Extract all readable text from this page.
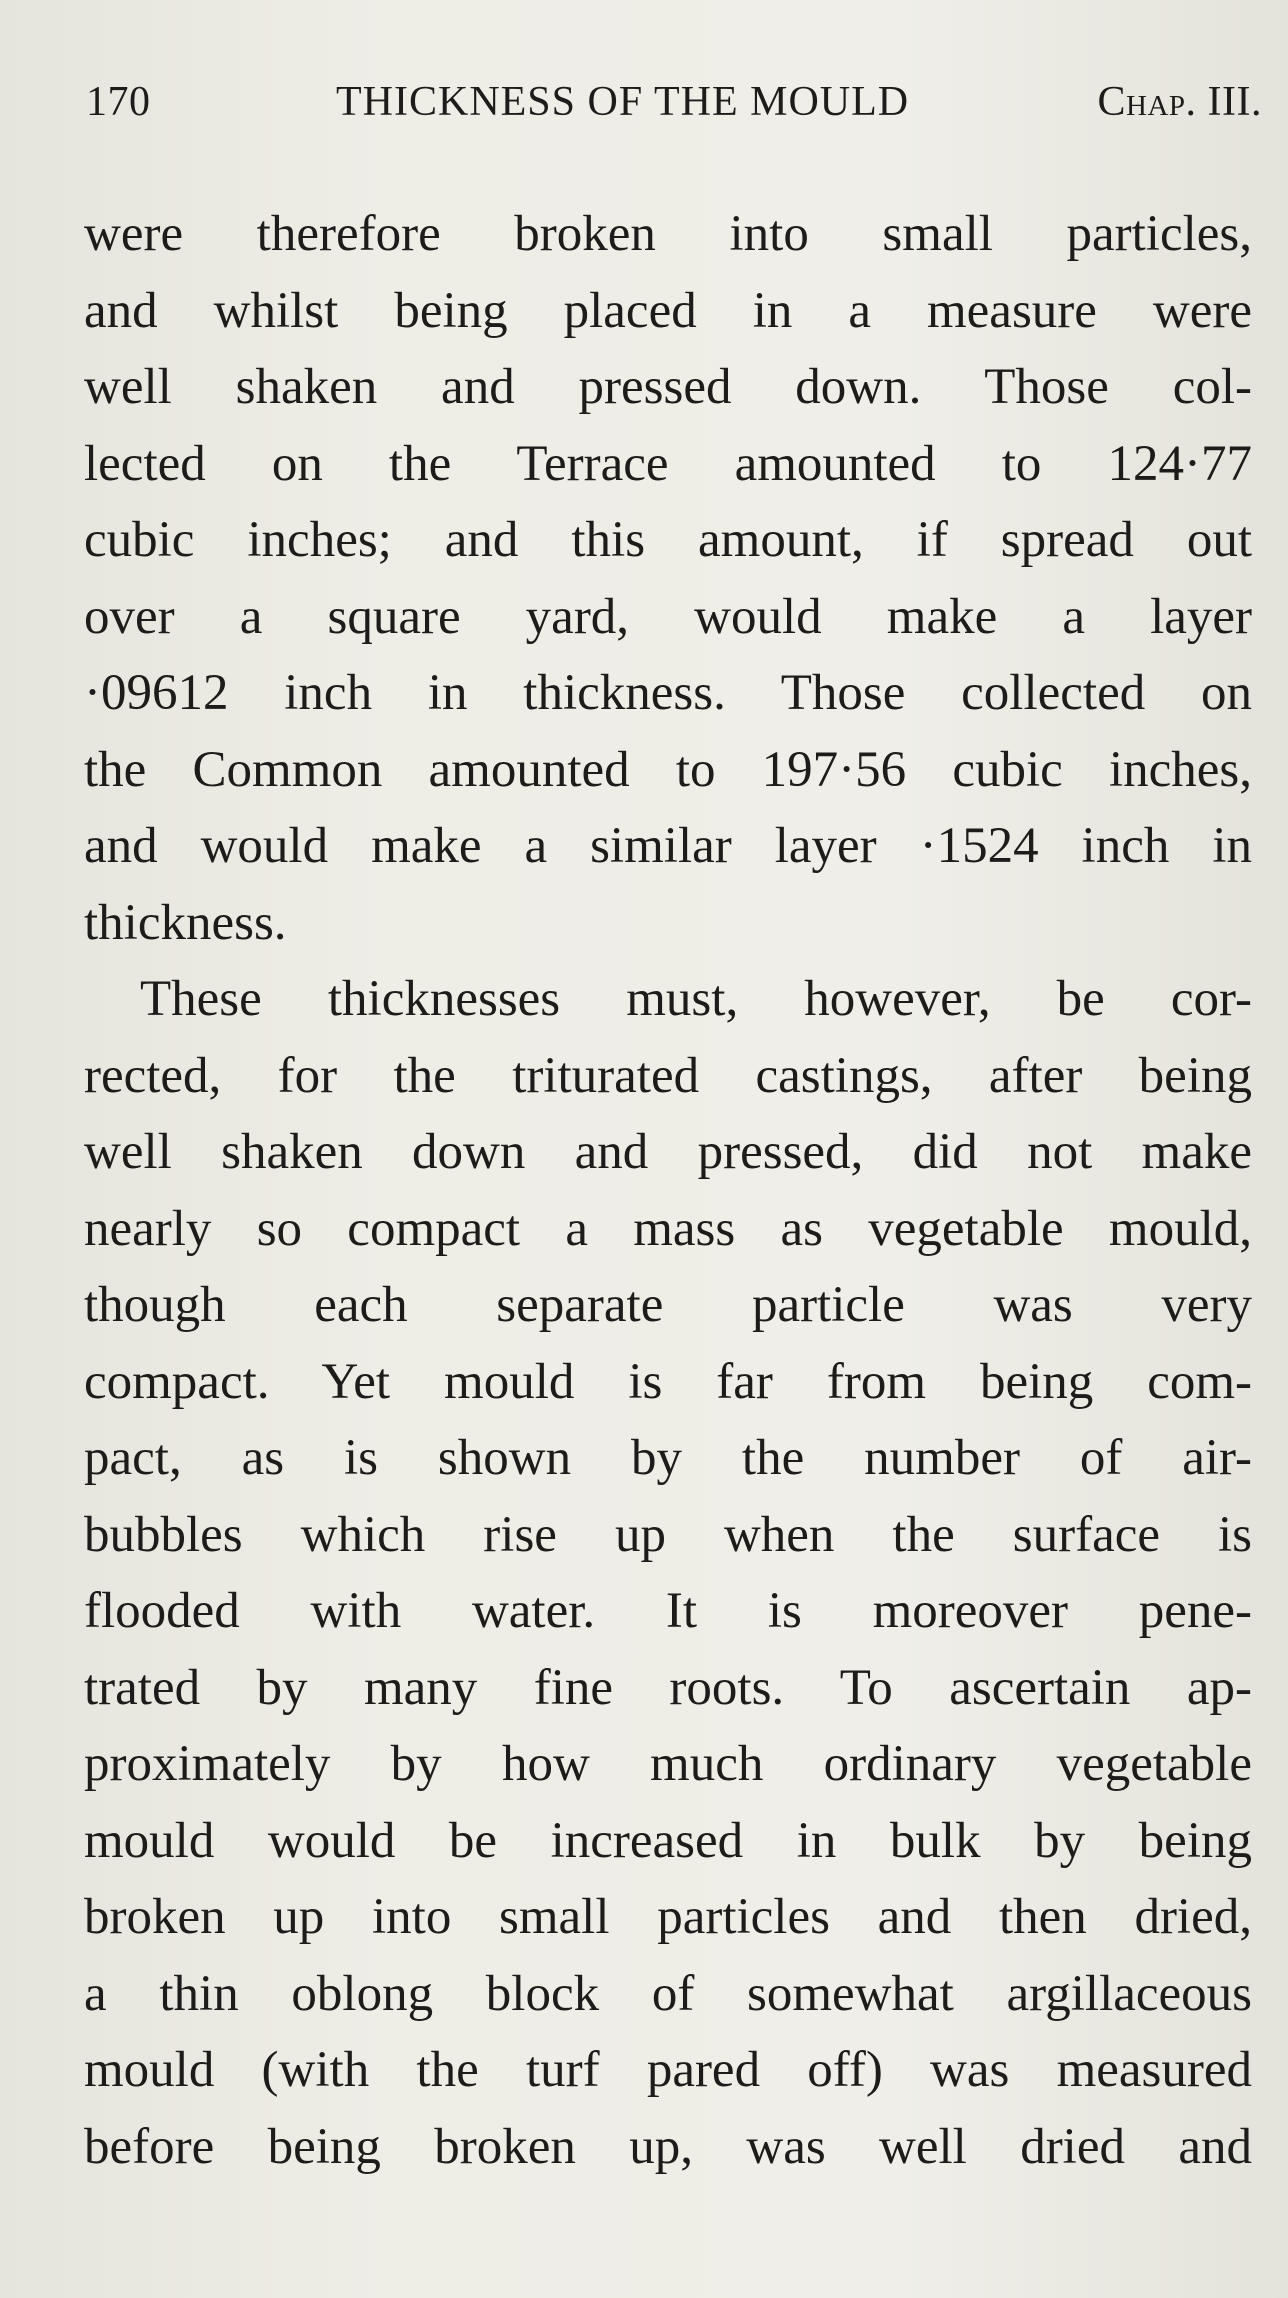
170	THICKNESS OF THE MOULD	Chap. III.
were therefore broken into small particles,
and whilst being placed in a measure were
well shaken and pressed down. Those col-
lected on the Terrace amounted to 124·77
cubic inches; and this amount, if spread out
over a square yard, would make a layer
·09612 inch in thickness. Those collected on
the Common amounted to 197·56 cubic inches,
and would make a similar layer ·1524 inch in
thickness.
These thicknesses must, however, be cor-
rected, for the triturated castings, after being
well shaken down and pressed, did not make
nearly so compact a mass as vegetable mould,
though each separate particle was very
compact. Yet mould is far from being com-
pact, as is shown by the number of air-
bubbles which rise up when the surface is
flooded with water. It is moreover pene-
trated by many fine roots. To ascertain ap-
proximately by how much ordinary vegetable
mould would be increased in bulk by being
broken up into small particles and then dried,
a thin oblong block of somewhat argillaceous
mould (with the turf pared off) was measured
before being broken up, was well dried and
